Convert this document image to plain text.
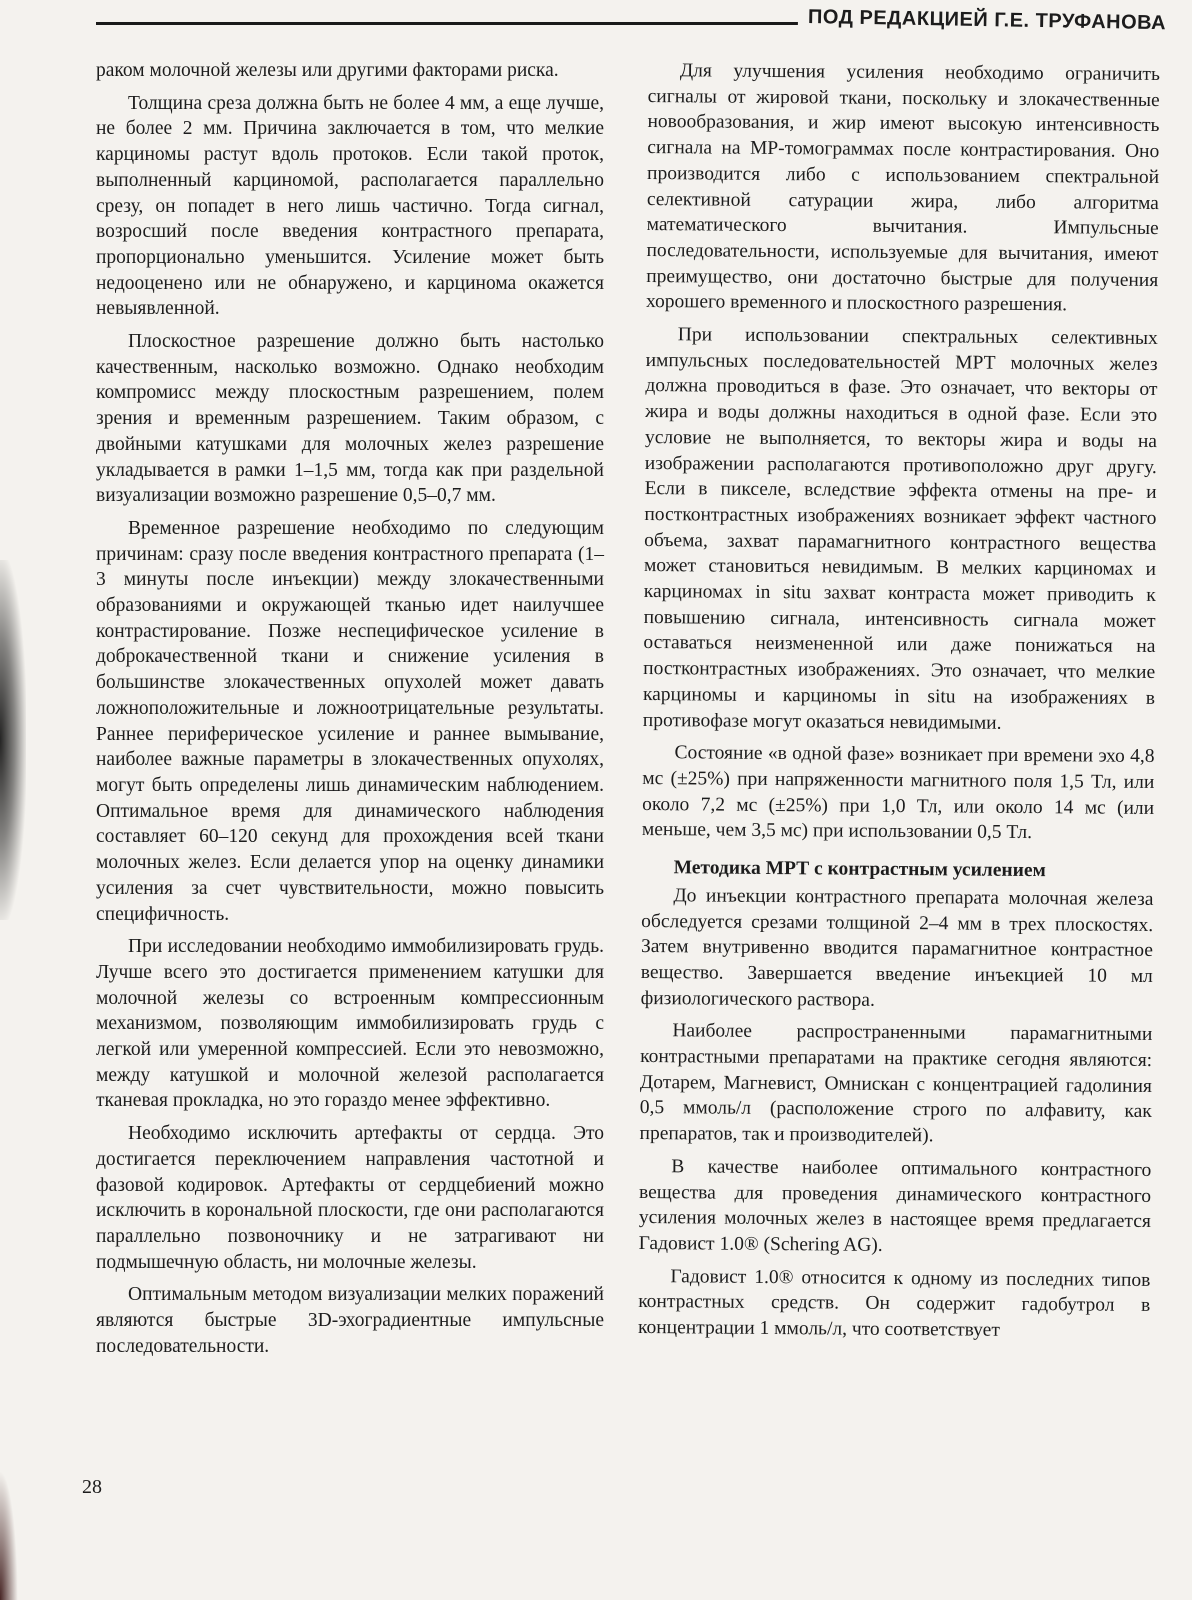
ПОД РЕДАКЦИЕЙ Г.Е. ТРУФАНОВА

раком молочной железы или другими факторами риска.

Толщина среза должна быть не более 4 мм, а еще лучше, не более 2 мм. Причина заключается в том, что мелкие карциномы растут вдоль протоков. Если такой проток, выполненный карциномой, располагается параллельно срезу, он попадет в него лишь частично. Тогда сигнал, возросший после введения контрастного препарата, пропорционально уменьшится. Усиление может быть недооценено или не обнаружено, и карцинома окажется невыявленной.

Плоскостное разрешение должно быть настолько качественным, насколько возможно. Однако необходим компромисс между плоскостным разрешением, полем зрения и временным разрешением. Таким образом, с двойными катушками для молочных желез разрешение укладывается в рамки 1–1,5 мм, тогда как при раздельной визуализации возможно разрешение 0,5–0,7 мм.

Временное разрешение необходимо по следующим причинам: сразу после введения контрастного препарата (1–3 минуты после инъекции) между злокачественными образованиями и окружающей тканью идет наилучшее контрастирование. Позже неспецифическое усиление в доброкачественной ткани и снижение усиления в большинстве злокачественных опухолей может давать ложноположительные и ложноотрицательные результаты. Раннее периферическое усиление и раннее вымывание, наиболее важные параметры в злокачественных опухолях, могут быть определены лишь динамическим наблюдением. Оптимальное время для динамического наблюдения составляет 60–120 секунд для прохождения всей ткани молочных желез. Если делается упор на оценку динамики усиления за счет чувствительности, можно повысить специфичность.

При исследовании необходимо иммобилизировать грудь. Лучше всего это достигается применением катушки для молочной железы со встроенным компрессионным механизмом, позволяющим иммобилизировать грудь с легкой или умеренной компрессией. Если это невозможно, между катушкой и молочной железой располагается тканевая прокладка, но это гораздо менее эффективно.

Необходимо исключить артефакты от сердца. Это достигается переключением направления частотной и фазовой кодировок. Артефакты от сердцебиений можно исключить в корональной плоскости, где они располагаются параллельно позвоночнику и не затрагивают ни подмышечную область, ни молочные железы.

Оптимальным методом визуализации мелких поражений являются быстрые 3D-эхоградиентные импульсные последовательности.

Для улучшения усиления необходимо ограничить сигналы от жировой ткани, поскольку и злокачественные новообразования, и жир имеют высокую интенсивность сигнала на МР-томограммах после контрастирования. Оно производится либо с использованием спектральной селективной сатурации жира, либо алгоритма математического вычитания. Импульсные последовательности, используемые для вычитания, имеют преимущество, они достаточно быстрые для получения хорошего временного и плоскостного разрешения.

При использовании спектральных селективных импульсных последовательностей МРТ молочных желез должна проводиться в фазе. Это означает, что векторы от жира и воды должны находиться в одной фазе. Если это условие не выполняется, то векторы жира и воды на изображении располагаются противоположно друг другу. Если в пикселе, вследствие эффекта отмены на пре- и постконтрастных изображениях возникает эффект частного объема, захват парамагнитного контрастного вещества может становиться невидимым. В мелких карциномах и карциномах in situ захват контраста может приводить к повышению сигнала, интенсивность сигнала может оставаться неизмененной или даже понижаться на постконтрастных изображениях. Это означает, что мелкие карциномы и карциномы in situ на изображениях в противофазе могут оказаться невидимыми.

Состояние «в одной фазе» возникает при времени эхо 4,8 мс (±25%) при напряженности магнитного поля 1,5 Тл, или около 7,2 мс (±25%) при 1,0 Тл, или около 14 мс (или меньше, чем 3,5 мс) при использовании 0,5 Тл.

Методика МРТ с контрастным усилением

До инъекции контрастного препарата молочная железа обследуется срезами толщиной 2–4 мм в трех плоскостях. Затем внутривенно вводится парамагнитное контрастное вещество. Завершается введение инъекцией 10 мл физиологического раствора.

Наиболее распространенными парамагнитными контрастными препаратами на практике сегодня являются: Дотарем, Магневист, Омнискан с концентрацией гадолиния 0,5 ммоль/л (расположение строго по алфавиту, как препаратов, так и производителей).

В качестве наиболее оптимального контрастного вещества для проведения динамического контрастного усиления молочных желез в настоящее время предлагается Гадовист 1.0® (Schering AG).

Гадовист 1.0® относится к одному из последних типов контрастных средств. Он содержит гадобутрол в концентрации 1 ммоль/л, что соответствует

28
